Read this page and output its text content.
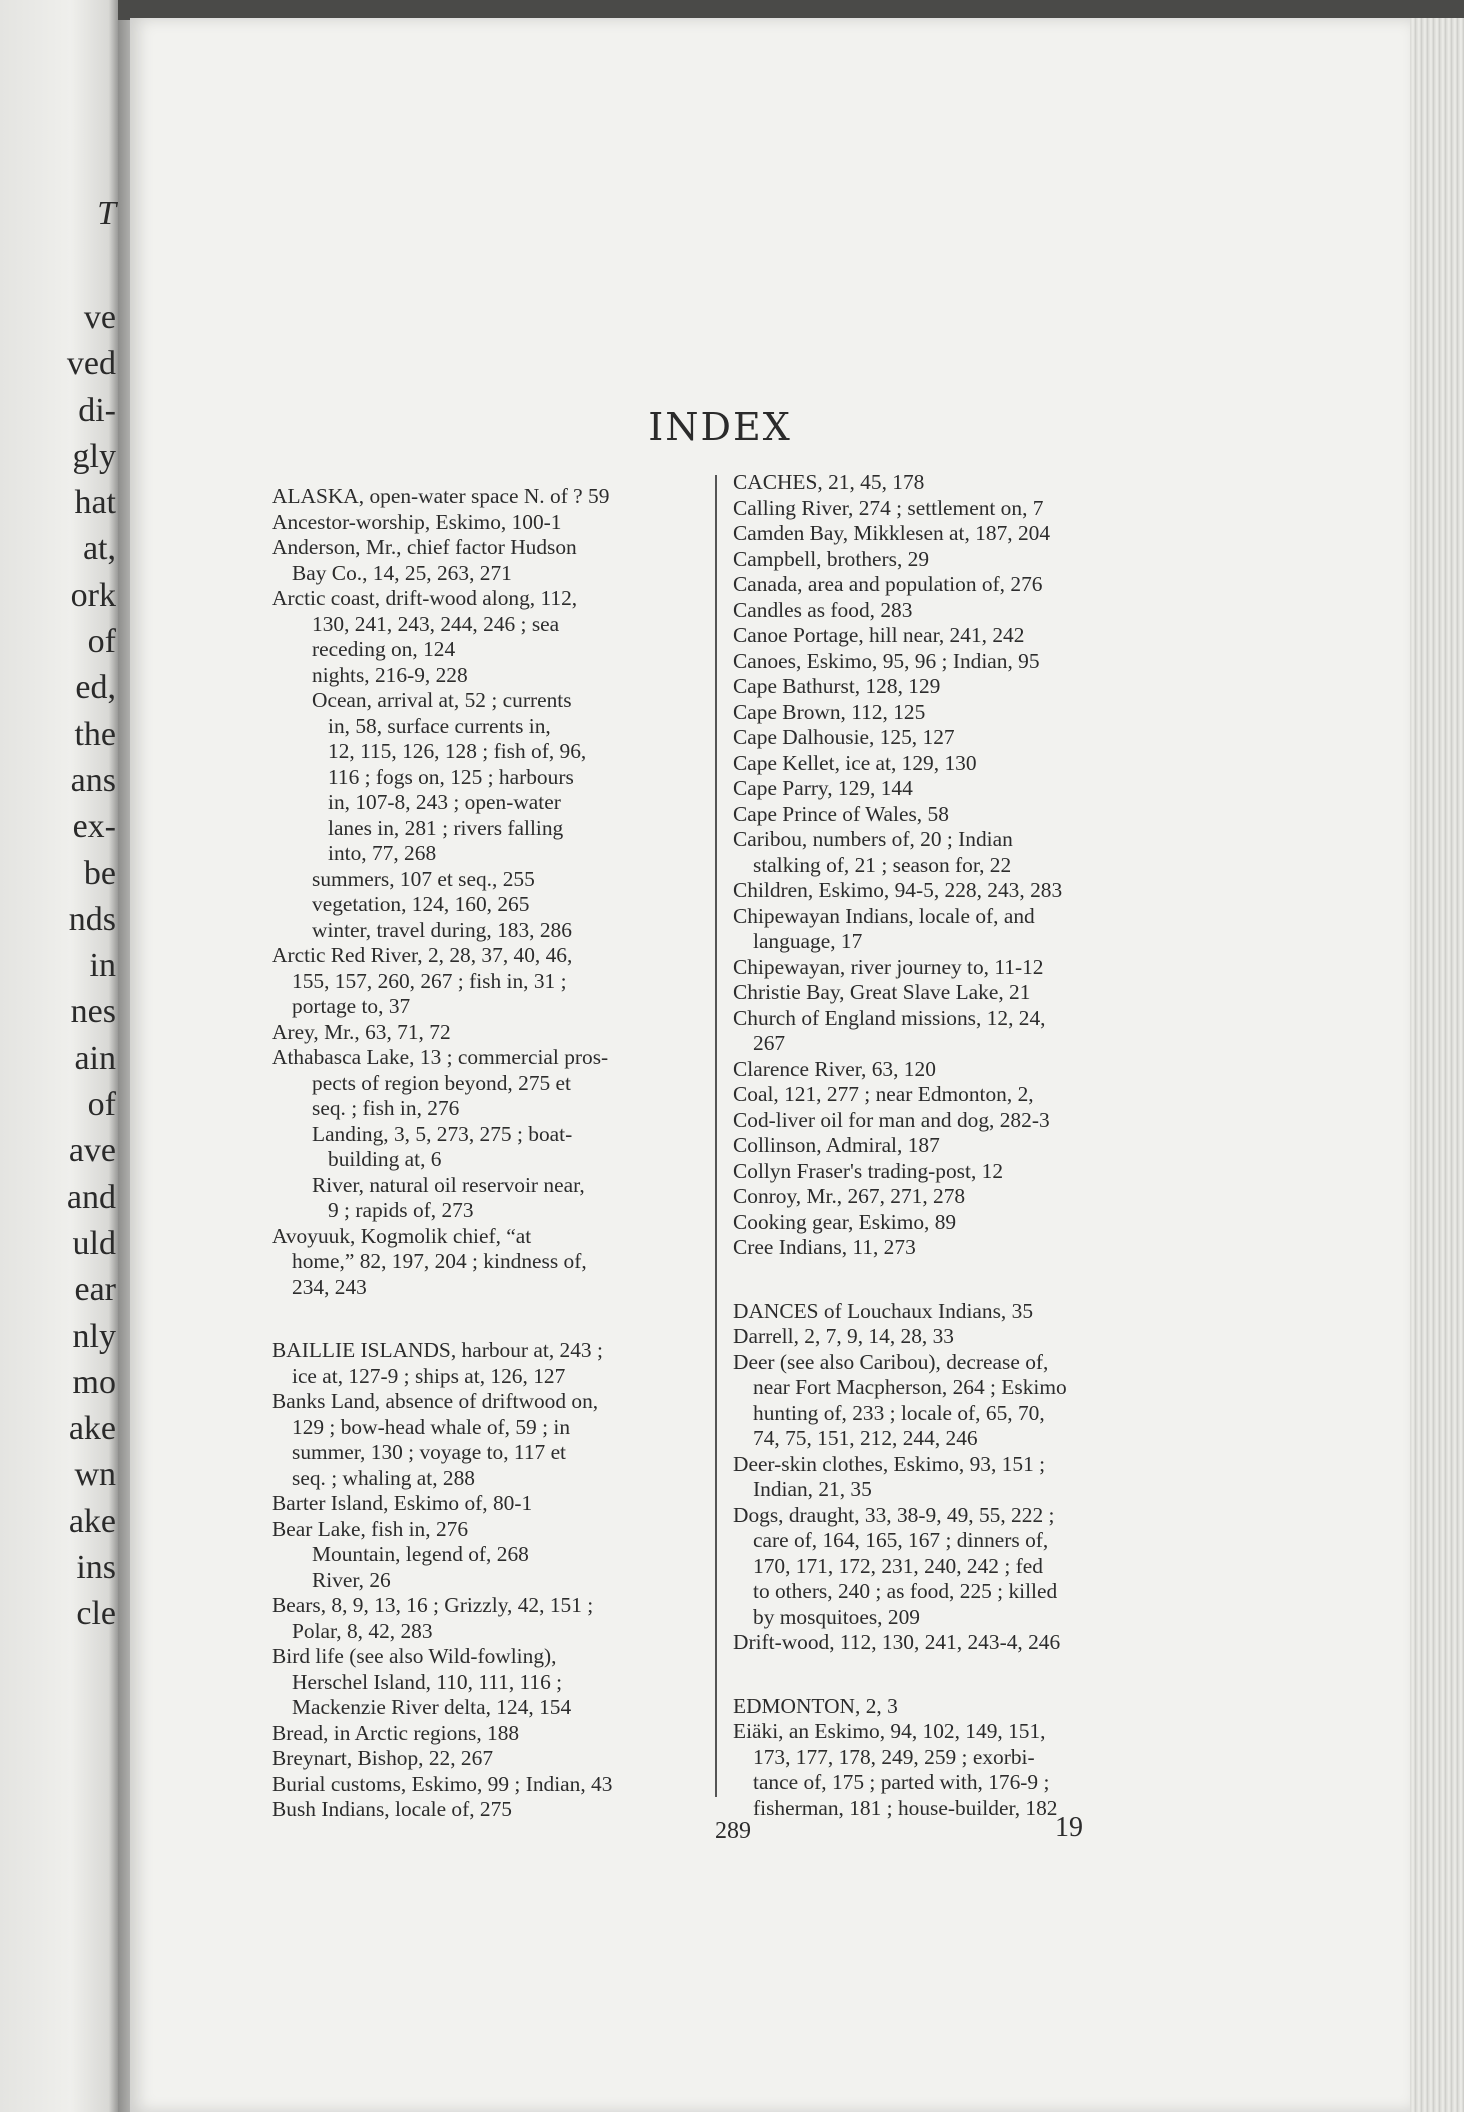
T
ve
ved
di-
gly
hat
at,
ork
of
ed,
the
ans
ex-
be
nds
in
nes
ain
of
ave
and
uld
ear
nly
mo
ake
wn
ake
ins
cle
INDEX
ALASKA, open-water space N. of ? 59
Ancestor-worship, Eskimo, 100-1
Anderson, Mr., chief factor Hudson
Bay Co., 14, 25, 263, 271
Arctic coast, drift-wood along, 112,
130, 241, 243, 244, 246 ; sea
receding on, 124
nights, 216-9, 228
Ocean, arrival at, 52 ; currents
in, 58, surface currents in,
12, 115, 126, 128 ; fish of, 96,
116 ; fogs on, 125 ; harbours
in, 107-8, 243 ; open-water
lanes in, 281 ; rivers falling
into, 77, 268
summers, 107 et seq., 255
vegetation, 124, 160, 265
winter, travel during, 183, 286
Arctic Red River, 2, 28, 37, 40, 46,
155, 157, 260, 267 ; fish in, 31 ;
portage to, 37
Arey, Mr., 63, 71, 72
Athabasca Lake, 13 ; commercial pros-
pects of region beyond, 275 et
seq. ; fish in, 276
Landing, 3, 5, 273, 275 ; boat-
building at, 6
River, natural oil reservoir near,
9 ; rapids of, 273
Avoyuuk, Kogmolik chief, “at
home,” 82, 197, 204 ; kindness of,
234, 243
BAILLIE ISLANDS, harbour at, 243 ;
ice at, 127-9 ; ships at, 126, 127
Banks Land, absence of driftwood on,
129 ; bow-head whale of, 59 ; in
summer, 130 ; voyage to, 117 et
seq. ; whaling at, 288
Barter Island, Eskimo of, 80-1
Bear Lake, fish in, 276
Mountain, legend of, 268
River, 26
Bears, 8, 9, 13, 16 ; Grizzly, 42, 151 ;
Polar, 8, 42, 283
Bird life (see also Wild-fowling),
Herschel Island, 110, 111, 116 ;
Mackenzie River delta, 124, 154
Bread, in Arctic regions, 188
Breynart, Bishop, 22, 267
Burial customs, Eskimo, 99 ; Indian, 43
Bush Indians, locale of, 275
CACHES, 21, 45, 178
Calling River, 274 ; settlement on, 7
Camden Bay, Mikklesen at, 187, 204
Campbell, brothers, 29
Canada, area and population of, 276
Candles as food, 283
Canoe Portage, hill near, 241, 242
Canoes, Eskimo, 95, 96 ; Indian, 95
Cape Bathurst, 128, 129
Cape Brown, 112, 125
Cape Dalhousie, 125, 127
Cape Kellet, ice at, 129, 130
Cape Parry, 129, 144
Cape Prince of Wales, 58
Caribou, numbers of, 20 ; Indian
stalking of, 21 ; season for, 22
Children, Eskimo, 94-5, 228, 243, 283
Chipewayan Indians, locale of, and
language, 17
Chipewayan, river journey to, 11-12
Christie Bay, Great Slave Lake, 21
Church of England missions, 12, 24,
267
Clarence River, 63, 120
Coal, 121, 277 ; near Edmonton, 2,
Cod-liver oil for man and dog, 282-3
Collinson, Admiral, 187
Collyn Fraser's trading-post, 12
Conroy, Mr., 267, 271, 278
Cooking gear, Eskimo, 89
Cree Indians, 11, 273
DANCES of Louchaux Indians, 35
Darrell, 2, 7, 9, 14, 28, 33
Deer (see also Caribou), decrease of,
near Fort Macpherson, 264 ; Eskimo
hunting of, 233 ; locale of, 65, 70,
74, 75, 151, 212, 244, 246
Deer-skin clothes, Eskimo, 93, 151 ;
Indian, 21, 35
Dogs, draught, 33, 38-9, 49, 55, 222 ;
care of, 164, 165, 167 ; dinners of,
170, 171, 172, 231, 240, 242 ; fed
to others, 240 ; as food, 225 ; killed
by mosquitoes, 209
Drift-wood, 112, 130, 241, 243-4, 246
EDMONTON, 2, 3
Eiäki, an Eskimo, 94, 102, 149, 151,
173, 177, 178, 249, 259 ; exorbi-
tance of, 175 ; parted with, 176-9 ;
fisherman, 181 ; house-builder, 182
289	19
